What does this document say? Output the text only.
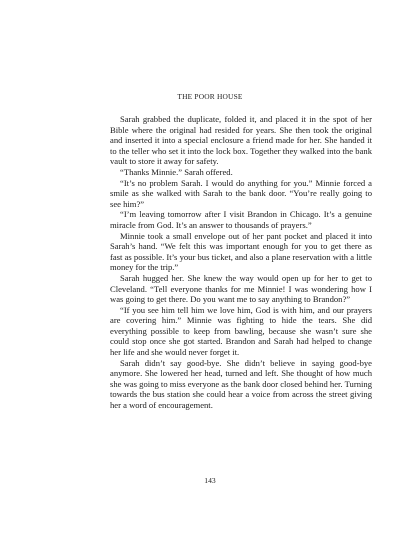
THE POOR HOUSE

Sarah grabbed the duplicate, folded it, and placed it in the spot of her Bible where the original had resided for years. She then took the original and inserted it into a special enclosure a friend made for her. She handed it to the teller who set it into the lock box. Together they walked into the bank vault to store it away for safety.

“Thanks Minnie.” Sarah offered.

“It’s no problem Sarah. I would do anything for you.” Minnie forced a smile as she walked with Sarah to the bank door. “You’re really going to see him?”

“I’m leaving tomorrow after I visit Brandon in Chicago. It’s a genuine miracle from God. It’s an answer to thousands of prayers.”

Minnie took a small envelope out of her pant pocket and placed it into Sarah’s hand. “We felt this was important enough for you to get there as fast as possible. It’s your bus ticket, and also a plane reservation with a little money for the trip.”

Sarah hugged her. She knew the way would open up for her to get to Cleveland. “Tell everyone thanks for me Minnie! I was wondering how I was going to get there. Do you want me to say anything to Brandon?”

“If you see him tell him we love him, God is with him, and our prayers are covering him.” Minnie was fighting to hide the tears. She did everything possible to keep from bawling, because she wasn’t sure she could stop once she got started. Brandon and Sarah had helped to change her life and she would never forget it.

Sarah didn’t say good-bye. She didn’t believe in saying good-bye anymore. She lowered her head, turned and left. She thought of how much she was going to miss everyone as the bank door closed behind her. Turning towards the bus station she could hear a voice from across the street giving her a word of encouragement.

143
